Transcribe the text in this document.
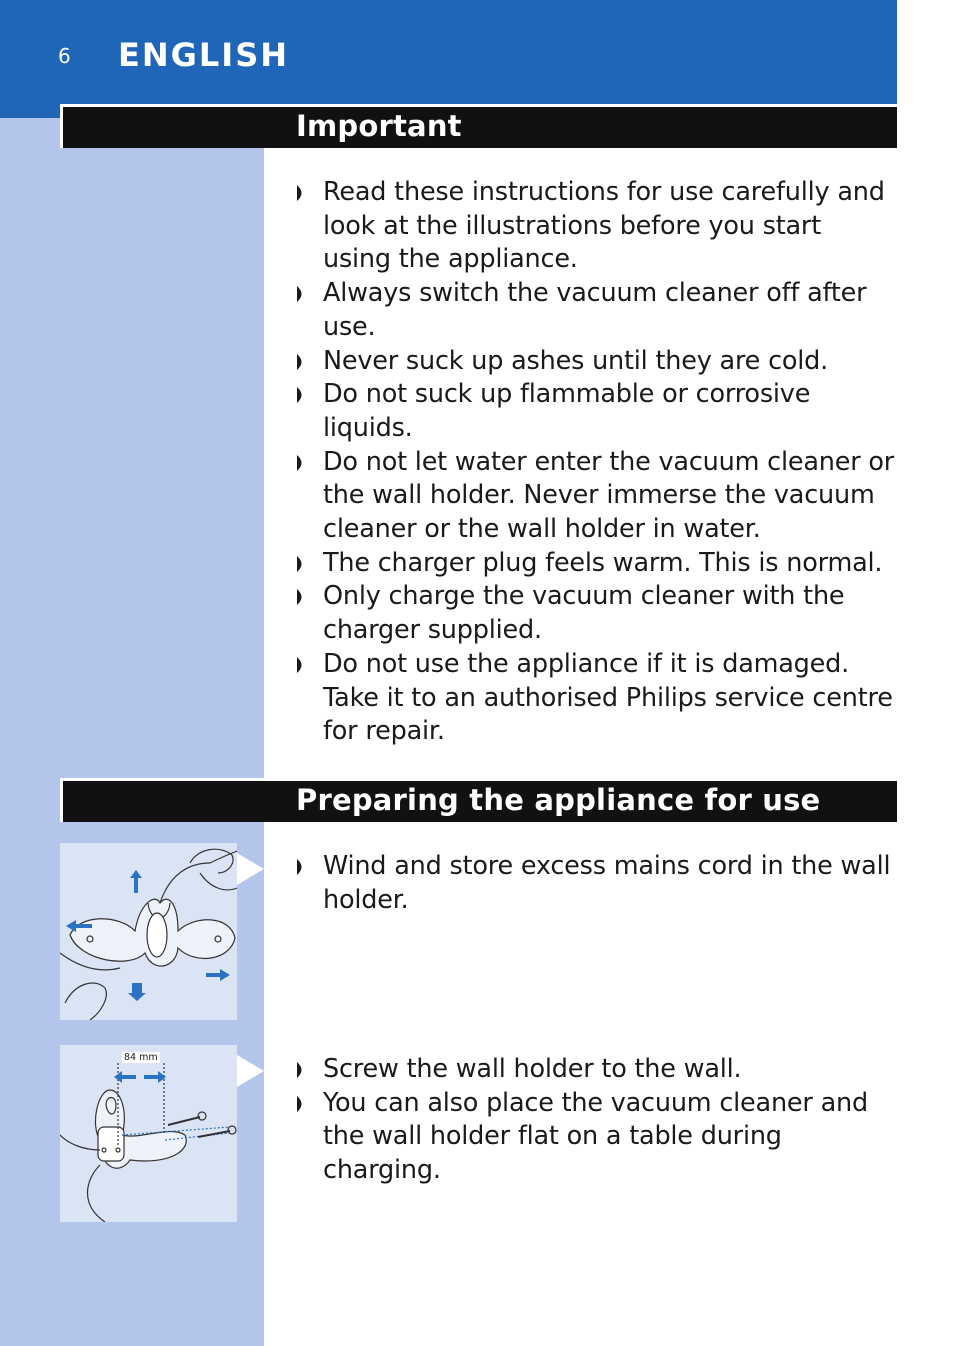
6 ENGLISH
Important
Read these instructions for use carefully and look at the illustrations before you start using the appliance.
Always switch the vacuum cleaner off after use.
Never suck up ashes until they are cold.
Do not suck up flammable or corrosive liquids.
Do not let water enter the vacuum cleaner or the wall holder. Never immerse the vacuum cleaner or the wall holder in water.
The charger plug feels warm. This is normal.
Only charge the vacuum cleaner with the charger supplied.
Do not use the appliance if it is damaged. Take it to an authorised Philips service centre for repair.
Preparing the appliance for use
Wind and store excess mains cord in the wall holder.
84 mm	Screw the wall holder to the wall.
You can also place the vacuum cleaner and the wall holder flat on a table during charging.
